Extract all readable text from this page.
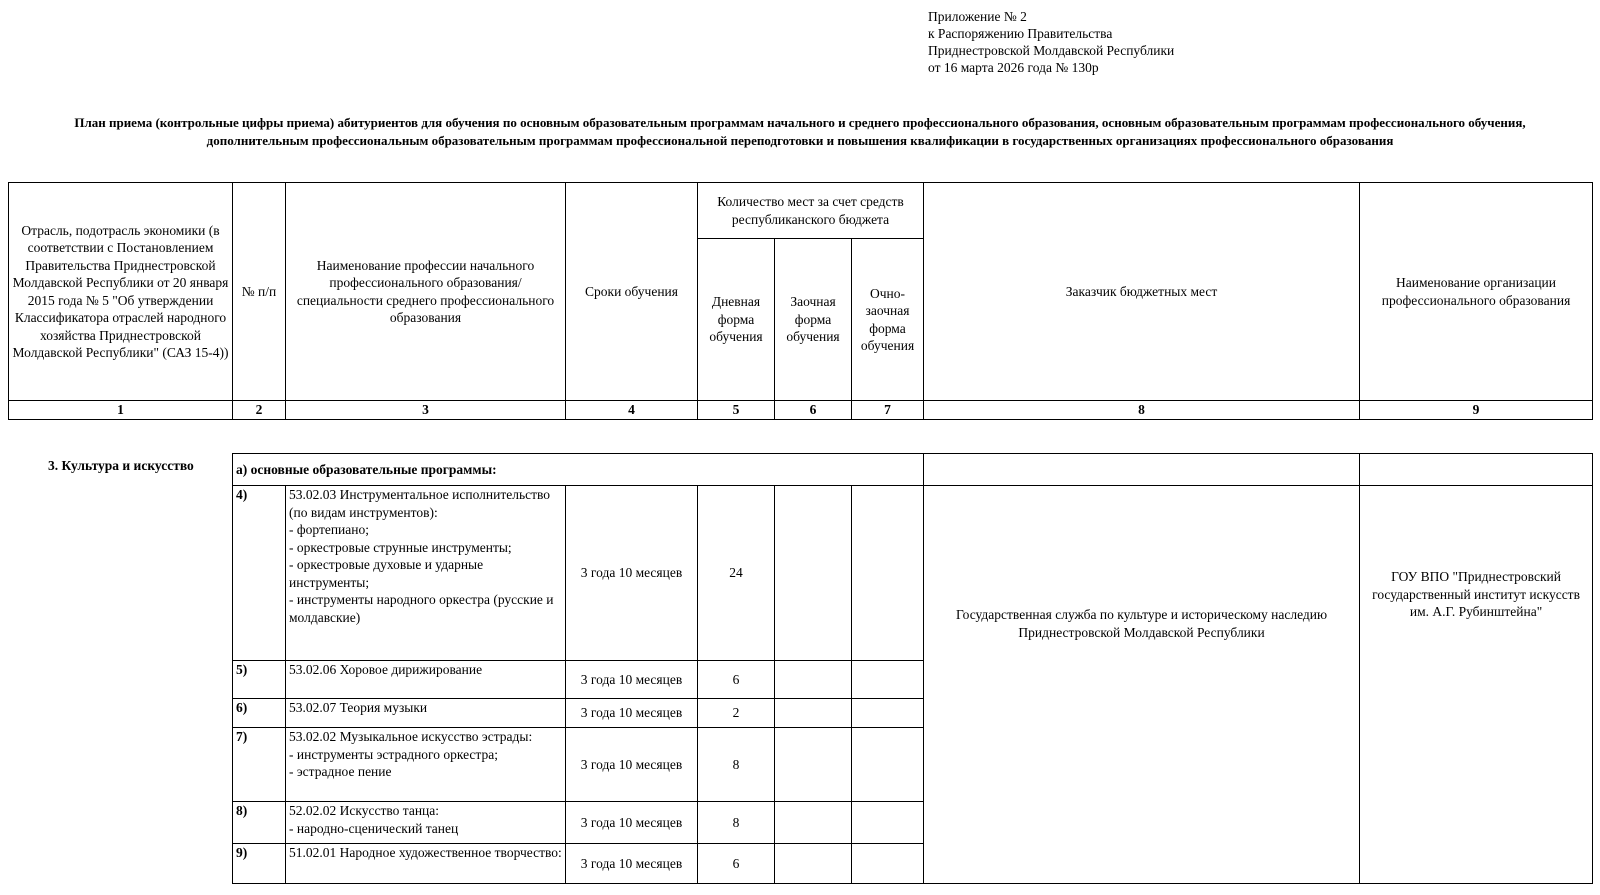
Приложение № 2
к Распоряжению Правительства
Приднестровской Молдавской Республики
от 16 марта 2026 года № 130р
План приема (контрольные цифры приема) абитуриентов для обучения по основным образовательным программам начального и среднего профессионального образования, основным образовательным программам профессионального обучения,
дополнительным профессиональным образовательным программам профессиональной переподготовки и повышения квалификации в государственных организациях профессионального образования
Отрасль, подотрасль экономики (в соответствии с Постановлением Правительства Приднестровской Молдавской Республики от 20 января 2015 года № 5 "Об утверждении Классификатора отраслей народного хозяйства Приднестровской Молдавской Республики" (САЗ 15-4))	№ п/п	Наименование профессии начального профессионального образования/специальности среднего профессионального образования	Сроки обучения	Количество мест за счет средств республиканского бюджета			Заказчик бюджетных мест	Наименование организации профессионального образования
				Дневная форма обучения	Заочная форма обучения	Очно-заочная форма обучения		
1	2	3	4	5	6	7	8	9
3. Культура и искусство	а) основные образовательные программы:							
4)	53.02.03 Инструментальное исполнительство (по видам инструментов):
- фортепиано;
- оркестровые струнные инструменты;
- оркестровые духовые и ударные инструменты;
- инструменты народного оркестра (русские и молдавские)	3 года 10 месяцев	24			Государственная служба по культуре и историческому наследию Приднестровской Молдавской Республики	ГОУ ВПО "Приднестровский государственный институт искусств им. А.Г. Рубинштейна"
5)	53.02.06 Хоровое дирижирование	3 года 10 месяцев	6				
6)	53.02.07 Теория музыки	3 года 10 месяцев	2				
7)	53.02.02 Музыкальное искусство эстрады:
- инструменты эстрадного оркестра;
- эстрадное пение	3 года 10 месяцев	8				
8)	52.02.02 Искусство танца:
- народно-сценический танец	3 года 10 месяцев	8				
9)	51.02.01 Народное художественное творчество:	3 года 10 месяцев	6				
